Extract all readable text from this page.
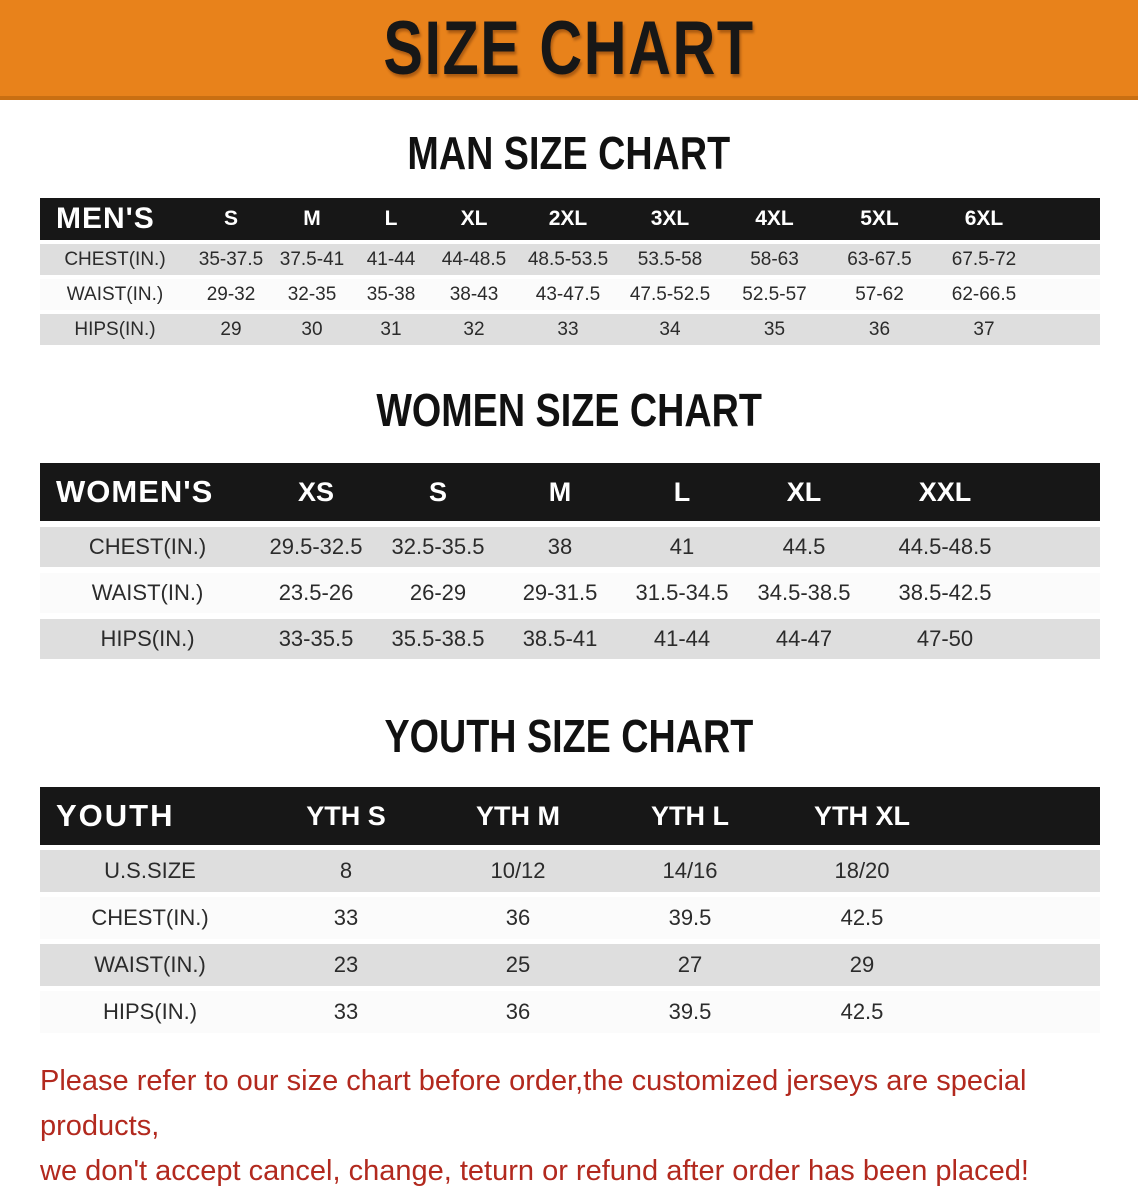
SIZE CHART
MAN SIZE CHART
MEN'S	S	M	L	XL	2XL	3XL	4XL	5XL	6XL
CHEST(IN.)	35-37.5 37.5-41	41-44	44-48.5	48.5-53.5	53.5-58	58-63	63-67.5	67.5-72
WAIST(IN.)	29-32	32-35	35-38	38-43	43-47.5	47.5-52.5	52.5-57	57-62	62-66.5
HIPS(IN.)	29	30	31	32	33	34	35	36	37
WOMEN SIZE CHART
WOMEN'S	XS	S	M	L	XL	XXL
CHEST(IN.)	29.5-32.5	32.5-35.5	38	41	44.5	44.5-48.5
WAIST(IN.)	23.5-26	26-29	29-31.5	31.5-34.5	34.5-38.5	38.5-42.5
HIPS(IN.)	33-35.5	35.5-38.5	38.5-41	41-44	44-47	47-50
YOUTH SIZE CHART
YOUTH	YTH S	YTH M	YTH L	YTH XL
U.S.SIZE	8	10/12	14/16	18/20
CHEST(IN.)	33	36	39.5	42.5
WAIST(IN.)	23	25	27	29
HIPS(IN.)	33	36	39.5	42.5
Please refer to our size chart before order,the customized jerseys are special products,
we don't accept cancel, change, teturn or refund after order has been placed!
